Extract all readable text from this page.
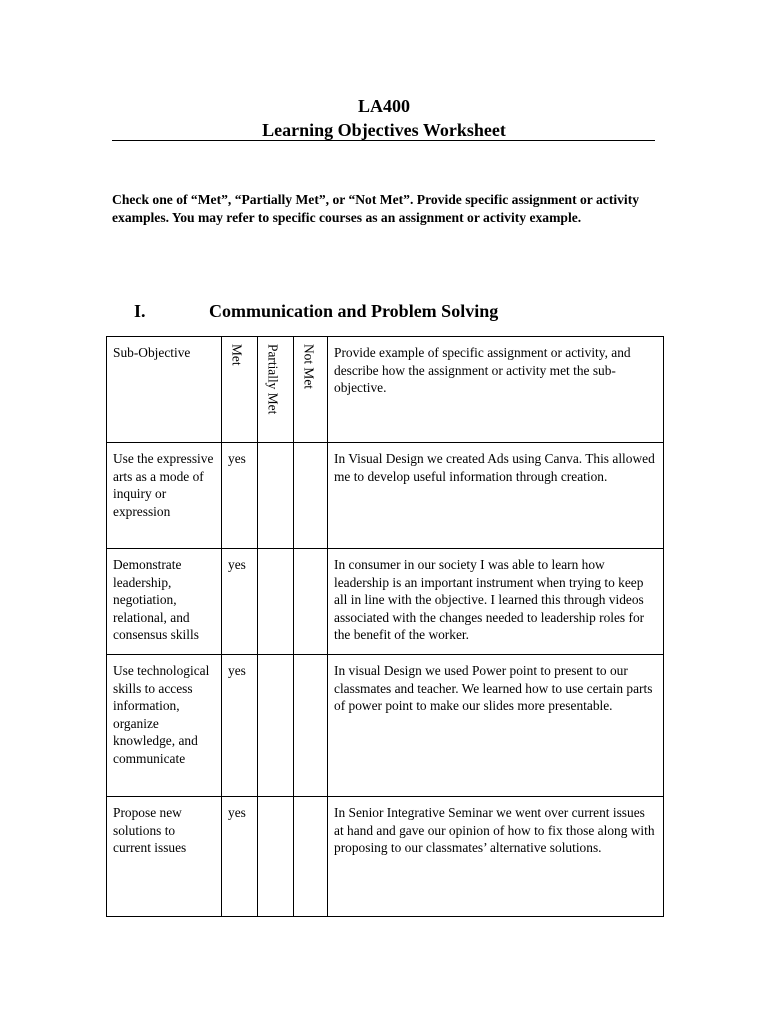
LA400
Learning Objectives Worksheet
Check one of “Met”, “Partially Met”, or “Not Met”. Provide specific assignment or activity examples. You may refer to specific courses as an assignment or activity example.
I.	Communication and Problem Solving
Sub-Objective	Met	Partially Met	Not Met	Provide example of specific assignment or activity, and describe how the assignment or activity met the sub-objective.
Use the expressive arts as a mode of inquiry or expression	yes			In Visual Design we created Ads using Canva. This allowed me to develop useful information through creation.
Demonstrate leadership, negotiation, relational, and consensus skills	yes			In consumer in our society I was able to learn how leadership is an important instrument when trying to keep all in line with the objective. I learned this through videos associated with the changes needed to leadership roles for the benefit of the worker.
Use technological skills to access information, organize knowledge, and communicate	yes			In visual Design we used Power point to present to our classmates and teacher. We learned how to use certain parts of power point to make our slides more presentable.
Propose new solutions to current issues	yes			In Senior Integrative Seminar we went over current issues at hand and gave our opinion of how to fix those along with proposing to our classmates’ alternative solutions.
